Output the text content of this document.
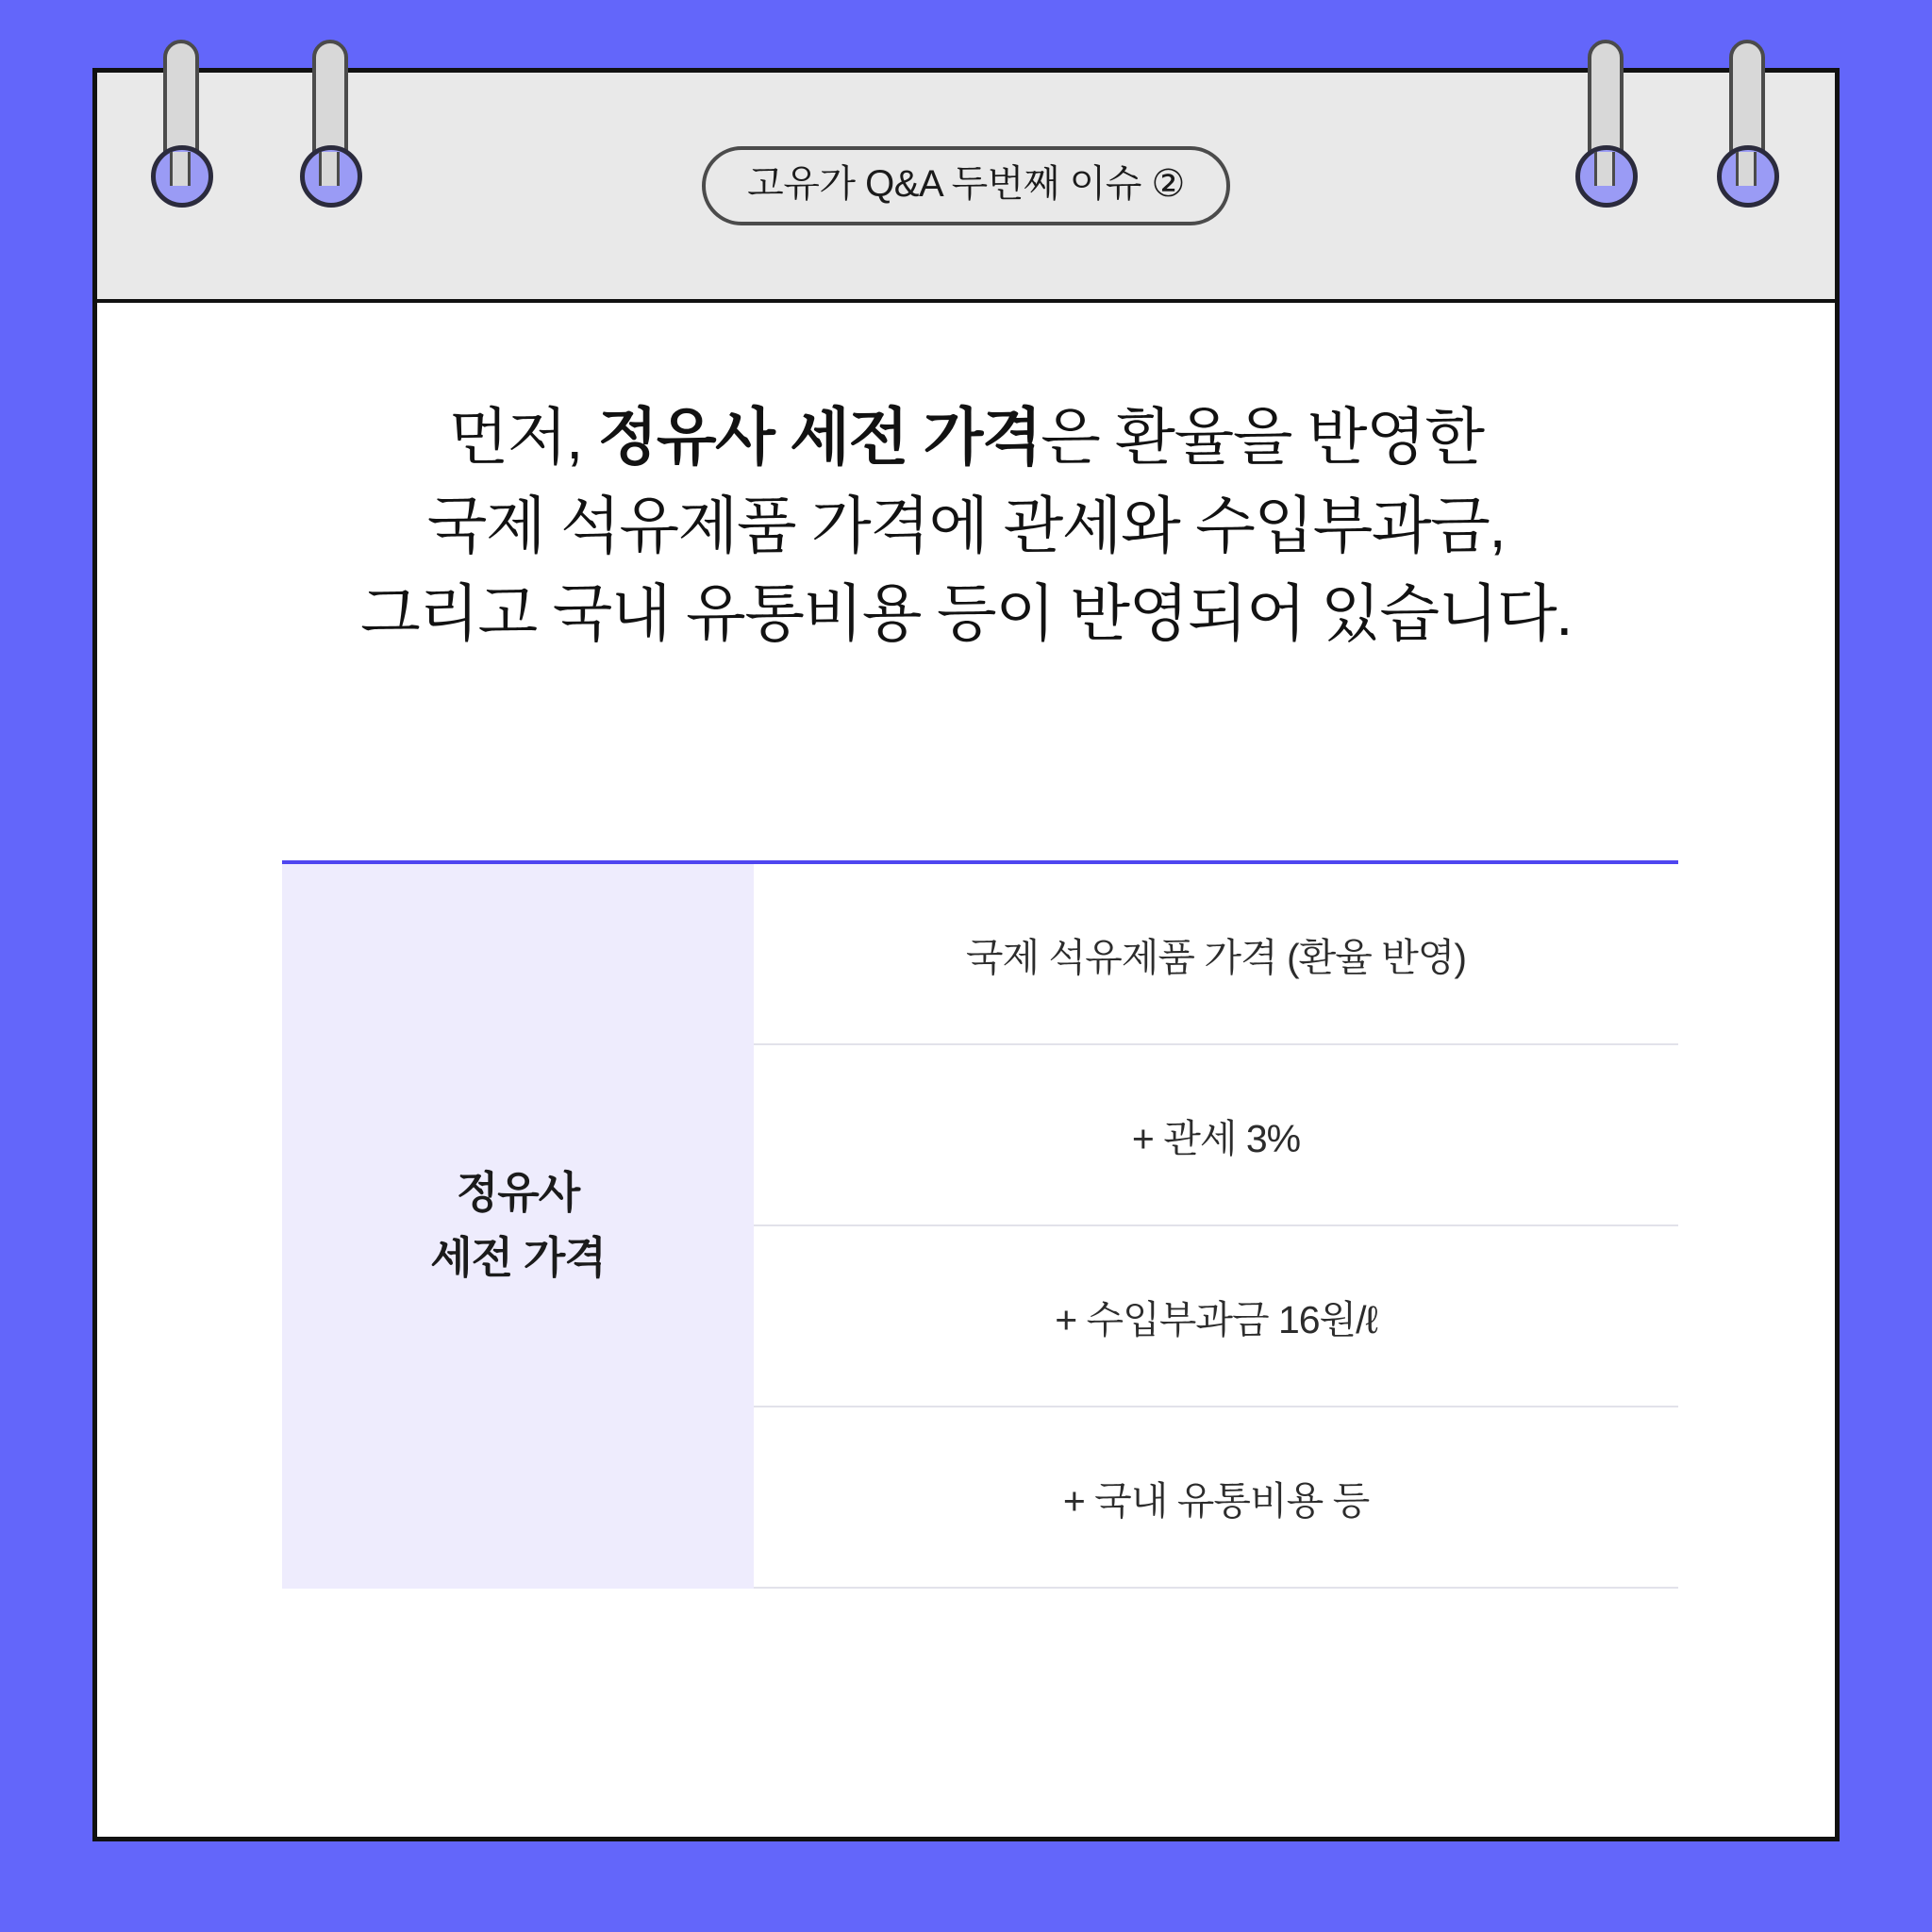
고유가 Q&A 두번째 이슈 ②
먼저, 정유사 세전 가격은 환율을 반영한
국제 석유제품 가격에 관세와 수입부과금,
그리고 국내 유통비용 등이 반영되어 있습니다.
정유사
세전 가격
	국제 석유제품 가격 (환율 반영)
+ 관세 3%
+ 수입부과금 16원/ℓ
+ 국내 유통비용 등
